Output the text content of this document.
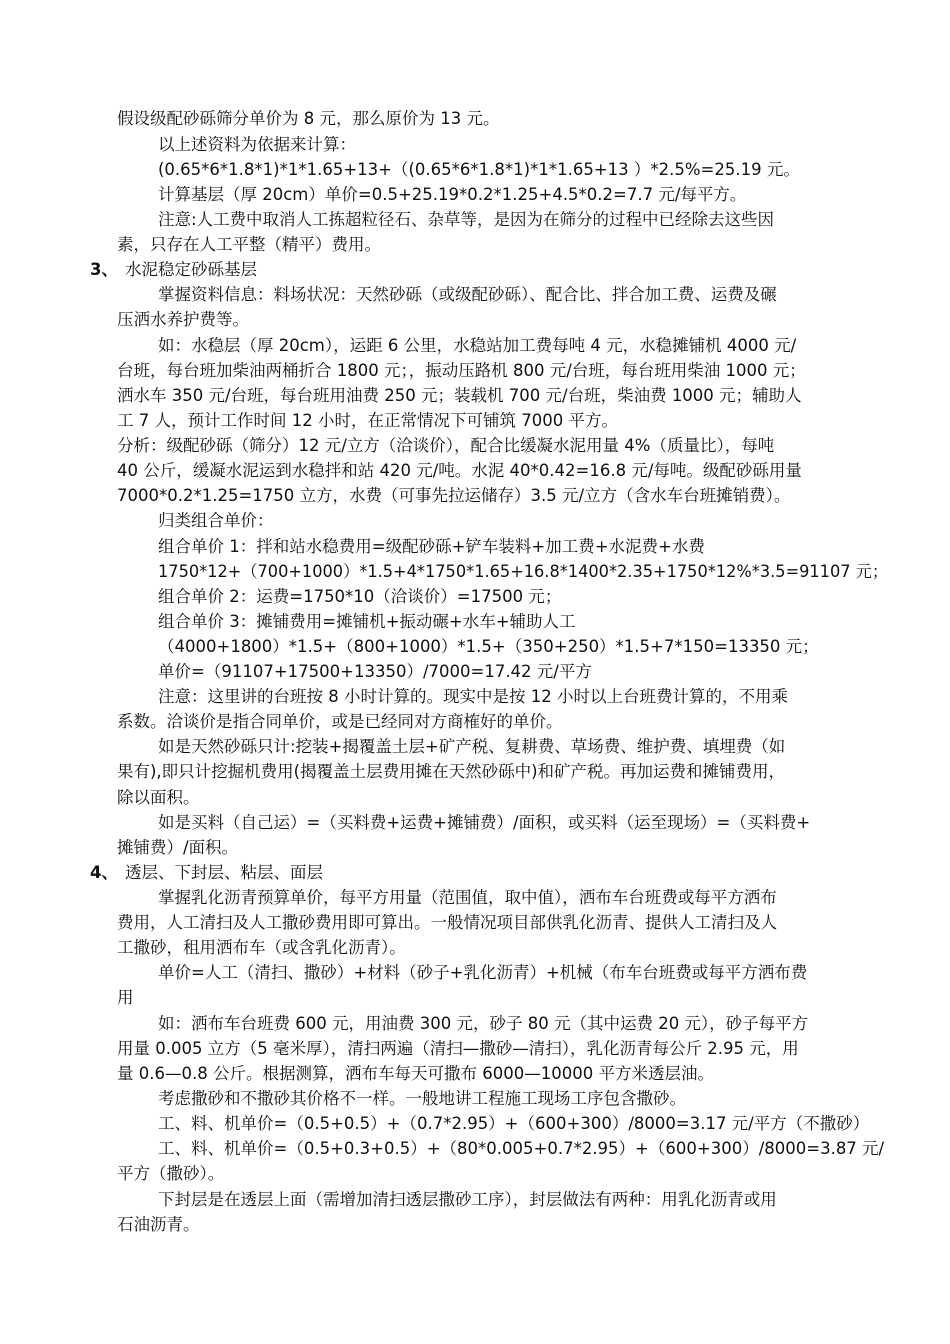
假设级配砂砾筛分单价为 8 元，那么原价为 13 元。
以上述资料为依据来计算：
(0.65*6*1.8*1)*1*1.65+13+（(0.65*6*1.8*1)*1*1.65+13 ）*2.5%=25.19 元。
计算基层（厚 20cm）单价=0.5+25.19*0.2*1.25+4.5*0.2=7.7 元/每平方。
注意:人工费中取消人工拣超粒径石、杂草等，是因为在筛分的过程中已经除去这些因
素，只存在人工平整（精平）费用。
3、 水泥稳定砂砾基层
掌握资料信息：料场状况：天然砂砾（或级配砂砾）、配合比、拌合加工费、运费及碾
压洒水养护费等。
如：水稳层（厚 20cm），运距 6 公里，水稳站加工费每吨 4 元，水稳摊铺机 4000 元/
台班，每台班加柴油两桶折合 1800 元；，振动压路机 800 元/台班，每台班用柴油 1000 元；
洒水车 350 元/台班，每台班用油费 250 元；装载机 700 元/台班，柴油费 1000 元；辅助人
工 7 人，预计工作时间 12 小时，在正常情况下可铺筑 7000 平方。
分析：级配砂砾（筛分）12 元/立方（洽谈价），配合比缓凝水泥用量 4%（质量比），每吨
40 公斤，缓凝水泥运到水稳拌和站 420 元/吨。水泥 40*0.42=16.8 元/每吨。级配砂砾用量
7000*0.2*1.25=1750 立方，水费（可事先拉运储存）3.5 元/立方（含水车台班摊销费）。
归类组合单价：
组合单价 1：拌和站水稳费用=级配砂砾+铲车装料+加工费+水泥费+水费
1750*12+（700+1000）*1.5+4*1750*1.65+16.8*1400*2.35+1750*12%*3.5=91107 元；
组合单价 2：运费=1750*10（洽谈价）=17500 元；
组合单价 3：摊铺费用=摊铺机+振动碾+水车+辅助人工
（4000+1800）*1.5+（800+1000）*1.5+（350+250）*1.5+7*150=13350 元；
单价=（91107+17500+13350）/7000=17.42 元/平方
注意：这里讲的台班按 8 小时计算的。现实中是按 12 小时以上台班费计算的，不用乘
系数。洽谈价是指合同单价，或是已经同对方商榷好的单价。
如是天然砂砾只计:挖装+揭覆盖土层+矿产税、复耕费、草场费、维护费、填埋费（如
果有),即只计挖掘机费用(揭覆盖土层费用摊在天然砂砾中)和矿产税。再加运费和摊铺费用，
除以面积。
如是买料（自己运）=（买料费+运费+摊铺费）/面积，或买料（运至现场）=（买料费+
摊铺费）/面积。
4、 透层、下封层、粘层、面层
掌握乳化沥青预算单价，每平方用量（范围值，取中值），洒布车台班费或每平方洒布
费用，人工清扫及人工撒砂费用即可算出。一般情况项目部供乳化沥青、提供人工清扫及人
工撒砂，租用洒布车（或含乳化沥青）。
单价=人工（清扫、撒砂）+材料（砂子+乳化沥青）+机械（布车台班费或每平方洒布费
用
如：洒布车台班费 600 元，用油费 300 元，砂子 80 元（其中运费 20 元），砂子每平方
用量 0.005 立方（5 毫米厚），清扫两遍（清扫—撒砂—清扫），乳化沥青每公斤 2.95 元，用
量 0.6—0.8 公斤。根据测算，洒布车每天可撒布 6000—10000 平方米透层油。
考虑撒砂和不撒砂其价格不一样。一般地讲工程施工现场工序包含撒砂。
工、料、机单价=（0.5+0.5）+（0.7*2.95）+（600+300）/8000=3.17 元/平方（不撒砂）
工、料、机单价=（0.5+0.3+0.5）+（80*0.005+0.7*2.95）+（600+300）/8000=3.87 元/
平方（撒砂）。
下封层是在透层上面（需增加清扫透层撒砂工序），封层做法有两种：用乳化沥青或用
石油沥青。
